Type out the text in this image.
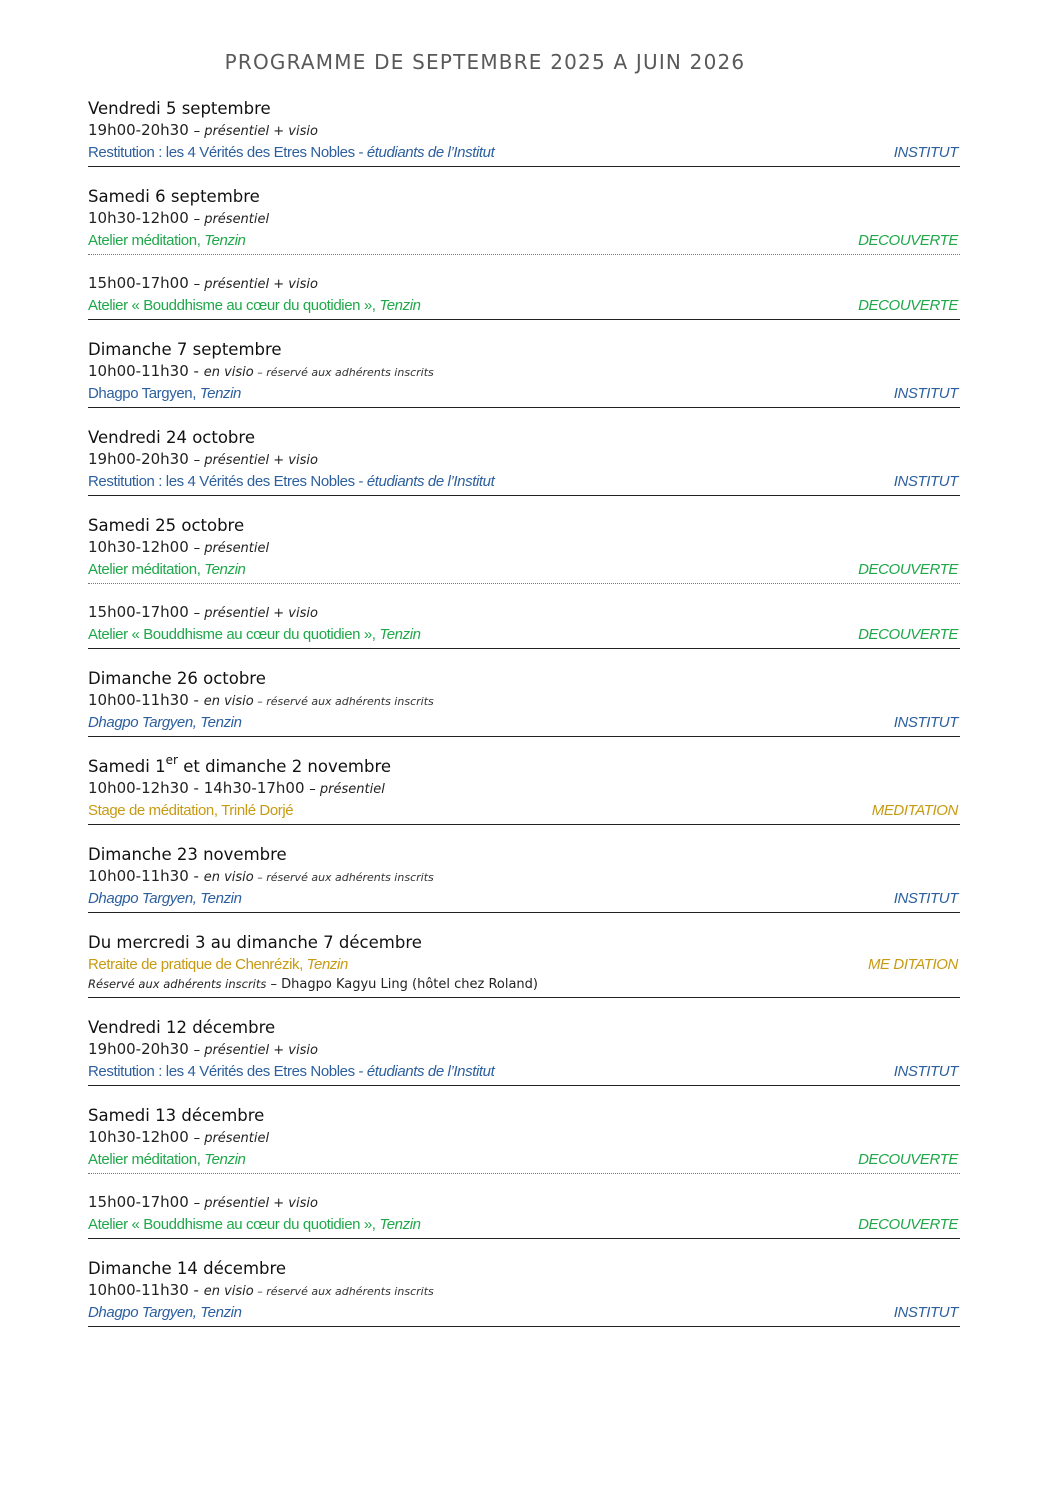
PROGRAMME DE SEPTEMBRE 2025 A JUIN 2026
Vendredi 5 septembre
19h00-20h30 – présentiel + visio
Restitution : les 4 Vérités des Etres Nobles - étudiants de l’Institut	INSTITUT
Samedi 6 septembre
10h30-12h00 – présentiel
Atelier méditation, Tenzin	DECOUVERTE
15h00-17h00 – présentiel + visio
Atelier « Bouddhisme au cœur du quotidien », Tenzin	DECOUVERTE
Dimanche 7 septembre
10h00-11h30 - en visio – réservé aux adhérents inscrits
Dhagpo Targyen, Tenzin	INSTITUT
Vendredi 24 octobre
19h00-20h30 – présentiel + visio
Restitution : les 4 Vérités des Etres Nobles - étudiants de l’Institut	INSTITUT
Samedi 25 octobre
10h30-12h00 – présentiel
Atelier méditation, Tenzin	DECOUVERTE
15h00-17h00 – présentiel + visio
Atelier « Bouddhisme au cœur du quotidien », Tenzin	DECOUVERTE
Dimanche 26 octobre
10h00-11h30 - en visio – réservé aux adhérents inscrits
Dhagpo Targyen, Tenzin	INSTITUT
Samedi 1er et dimanche 2 novembre
10h00-12h30 - 14h30-17h00 – présentiel
Stage de méditation, Trinlé Dorjé	MEDITATION
Dimanche 23 novembre
10h00-11h30 - en visio – réservé aux adhérents inscrits
Dhagpo Targyen, Tenzin	INSTITUT
Du mercredi 3 au dimanche 7 décembre
Retraite de pratique de Chenrézik, Tenzin	ME DITATION
Réservé aux adhérents inscrits – Dhagpo Kagyu Ling (hôtel chez Roland)
Vendredi 12 décembre
19h00-20h30 – présentiel + visio
Restitution : les 4 Vérités des Etres Nobles - étudiants de l’Institut	INSTITUT
Samedi 13 décembre
10h30-12h00 – présentiel
Atelier méditation, Tenzin	DECOUVERTE
15h00-17h00 – présentiel + visio
Atelier « Bouddhisme au cœur du quotidien », Tenzin	DECOUVERTE
Dimanche 14 décembre
10h00-11h30 - en visio – réservé aux adhérents inscrits
Dhagpo Targyen, Tenzin	INSTITUT
